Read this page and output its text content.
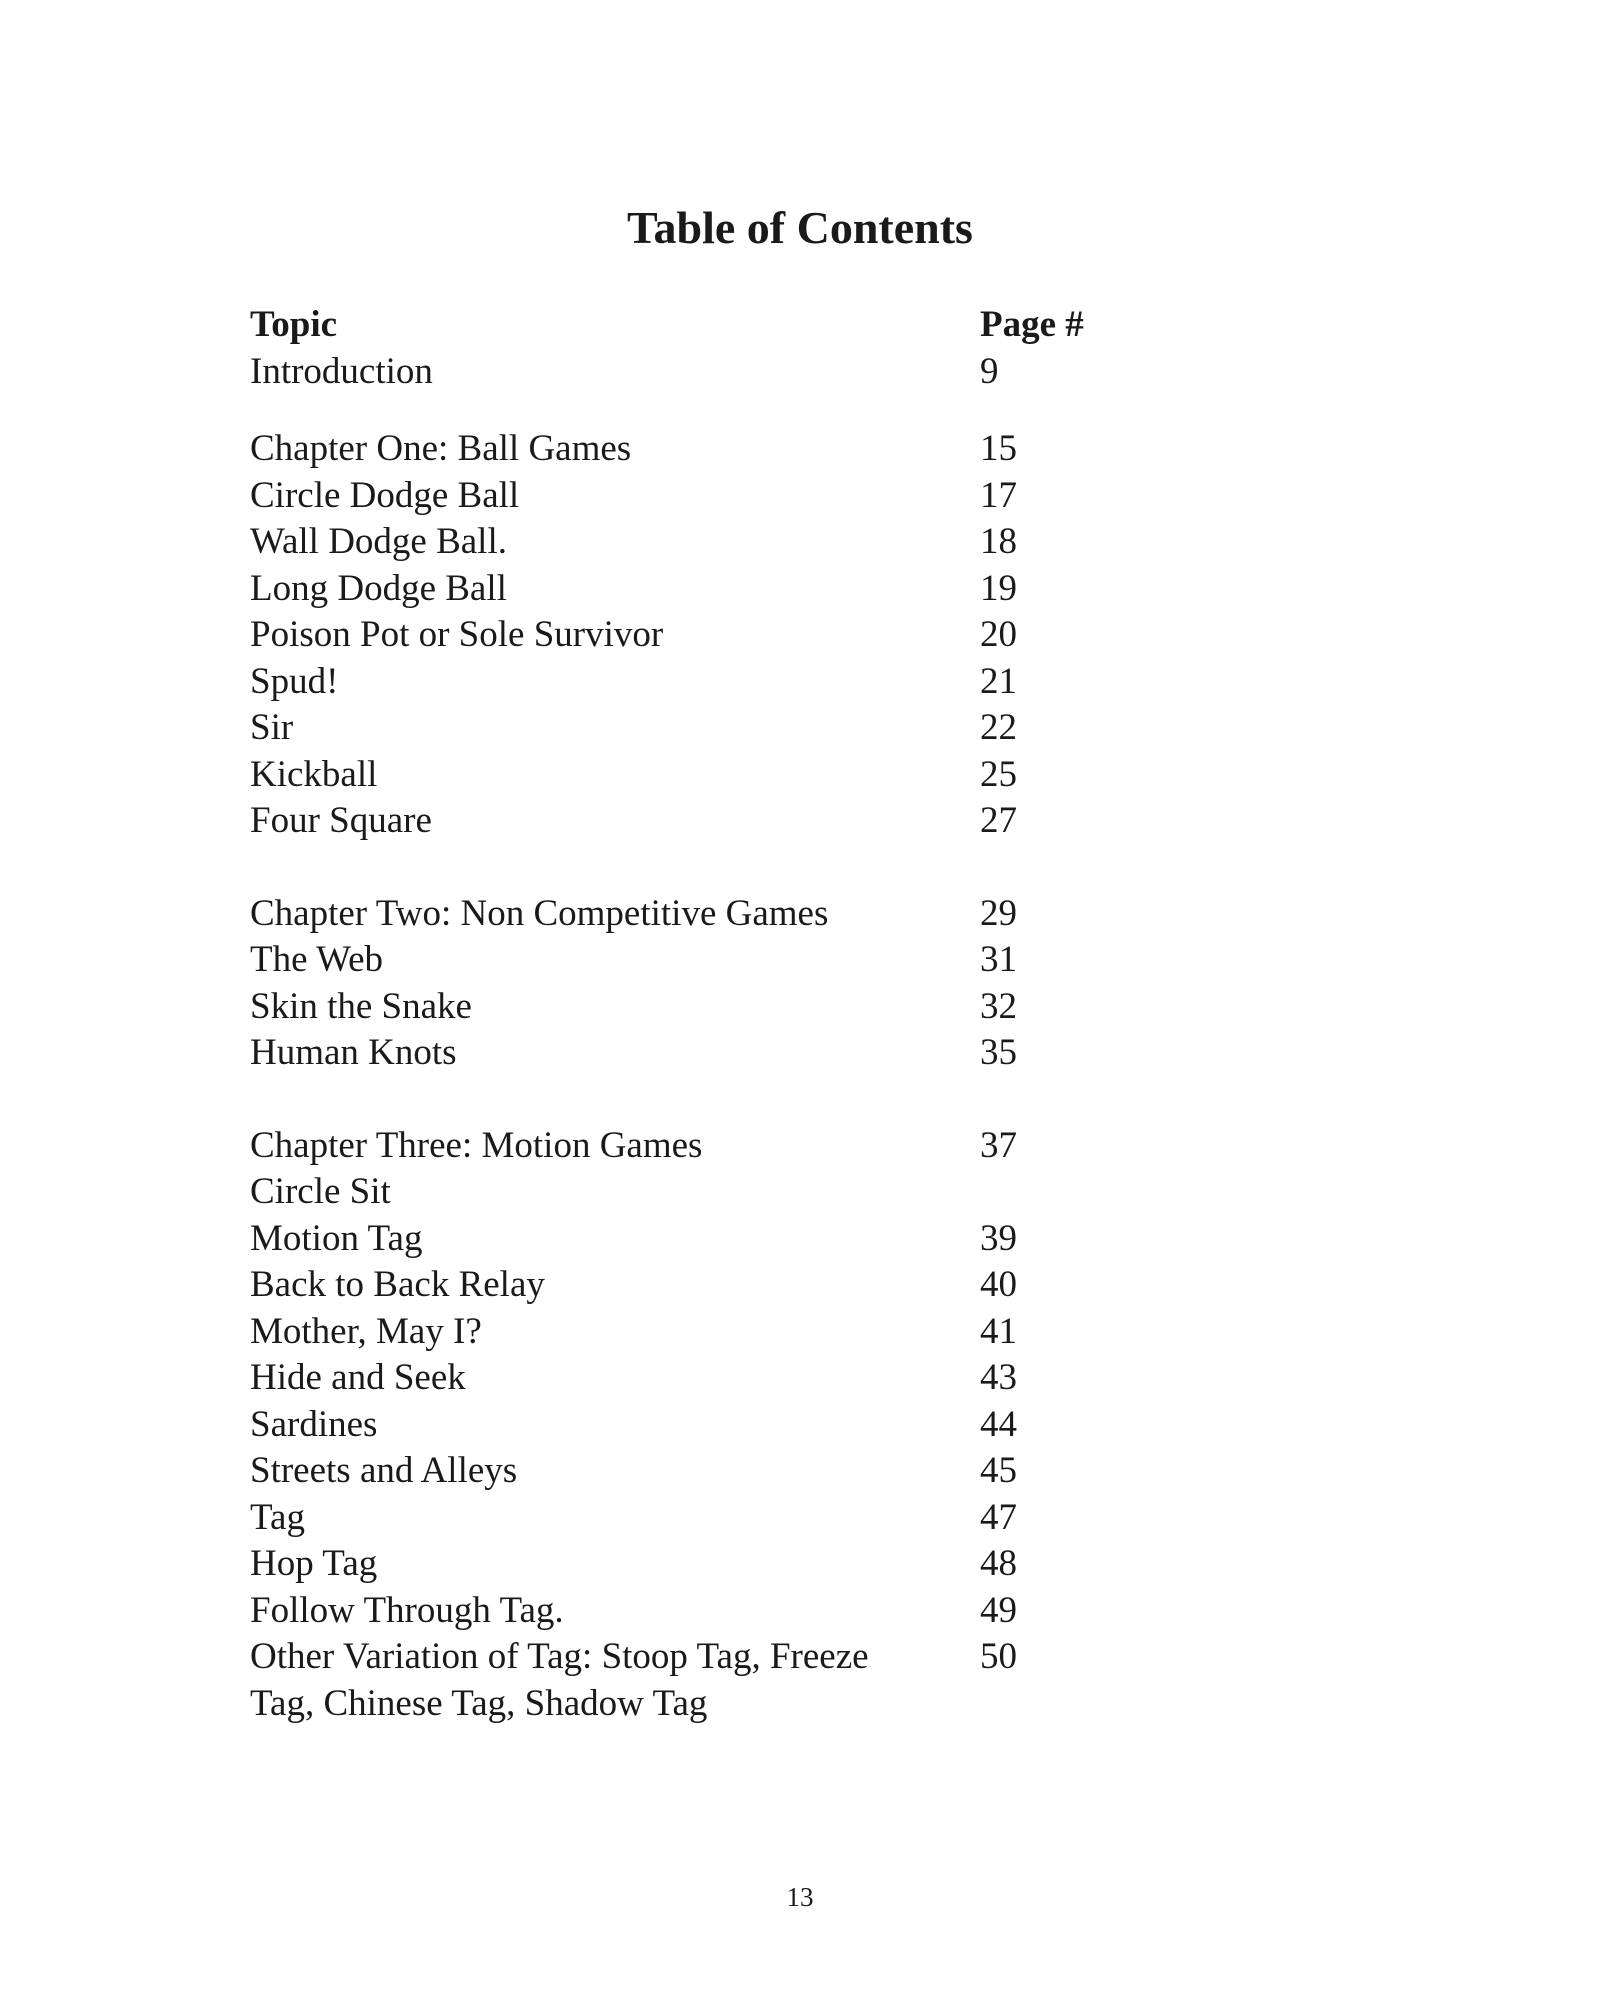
Table of Contents
Topic	Page #
Introduction	9
Chapter One: Ball Games	15
Circle Dodge Ball	17
Wall Dodge Ball.	18
Long Dodge Ball	19
Poison Pot or Sole Survivor	20
Spud!	21
Sir	22
Kickball	25
Four Square	27
Chapter Two: Non Competitive Games	29
The Web	31
Skin the Snake	32
Human Knots	35
Chapter Three: Motion Games	37
Circle Sit
Motion Tag	39
Back to Back Relay	40
Mother, May I?	41
Hide and Seek	43
Sardines	44
Streets and Alleys	45
Tag	47
Hop Tag	48
Follow Through Tag.	49
Other Variation of Tag: Stoop Tag, Freeze	50
Tag, Chinese Tag, Shadow Tag
13
